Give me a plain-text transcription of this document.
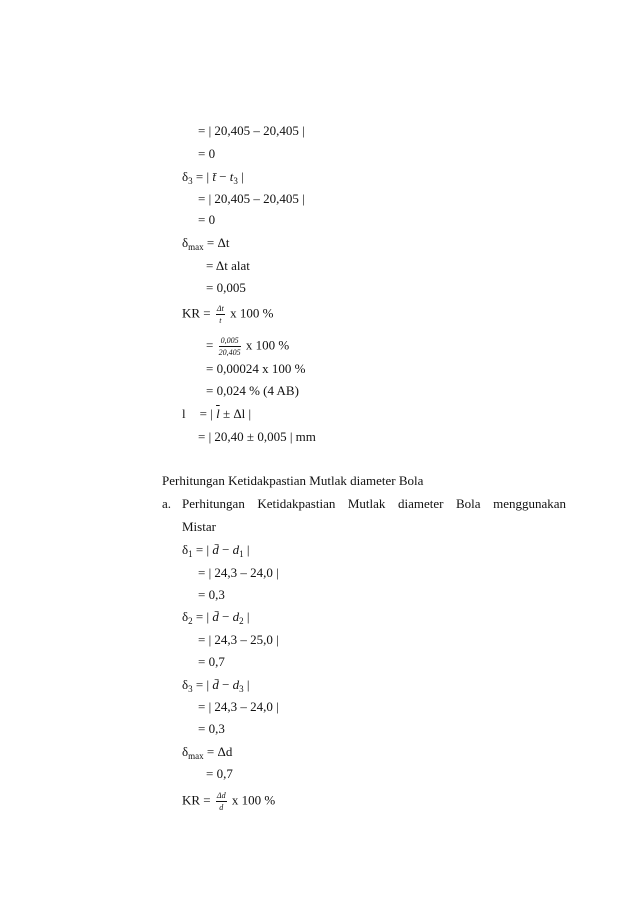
= | 20,405 – 20,405 |
= 0
$\delta_3$ = | t̄ − $t_3$ |
= | 20,405 – 20,405 |
= 0
$\delta_{max} = \Delta t$
= Δt alat
= 0,005
KR = $\frac{\Delta t}{t}$ x 100 %
= $\frac{0,005}{20,405}$ x 100 %
= 0,00024 x 100 %
= 0,024 % (4 AB)
l = | $\overline{l} \pm \Delta l$ |
= | 20,40 ± 0,005 | mm
Perhitungan Ketidakpastian Mutlak diameter Bola
a. Perhitungan Ketidakpastian Mutlak diameter Bola menggunakan
Mistar
$\delta_1$ = | d̄ − $d_1$ |
= | 24,3 – 24,0 |
= 0,3
$\delta_2$ = | d̄ − $d_2$ |
= | 24,3 – 25,0 |
= 0,7
$\delta_3$ = | d̄ − $d_3$ |
= | 24,3 – 24,0 |
= 0,3
$\delta_{max} = \Delta d$
= 0,7
KR = $\frac{\Delta d}{d}$ x 100 %
